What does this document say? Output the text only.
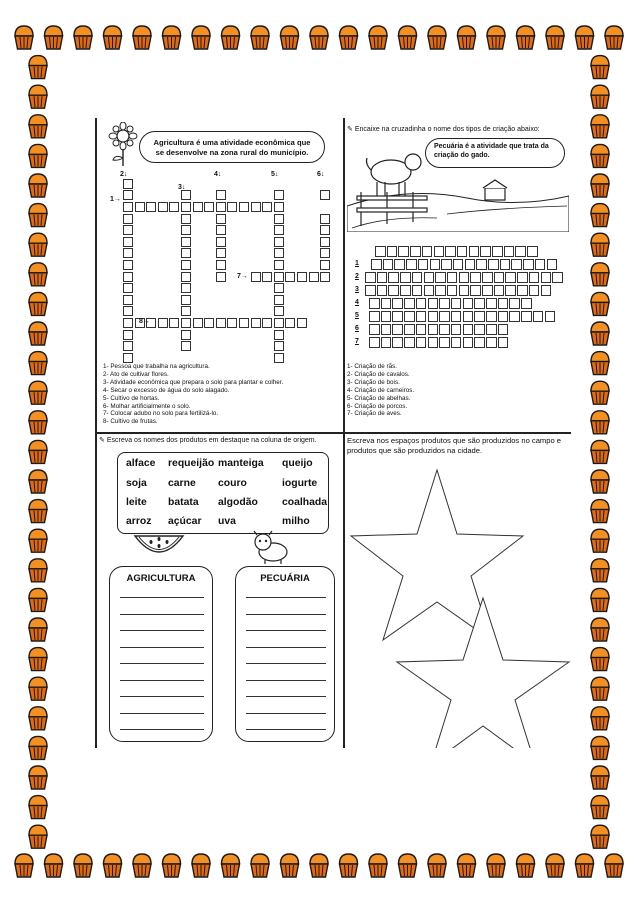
Agricultura é uma atividade econômica que se desenvolve na zona rural do município.
1→
2↓
3↓
4↓	5↓	6↓
7→
8→
1- Pessoa que trabalha na agricultura.
2- Ato de cultivar flores.
3- Atividade econômica que prepara o solo para plantar e colher.
4- Secar o excesso de água do solo alagado.
5- Cultivo de hortas.
6- Molhar artificialmente o solo.
7- Colocar adubo no solo para fertilizá-lo.
8- Cultivo de frutas.
✎ Encaixe na cruzadinha o nome dos tipos de criação abaixo:
Pecuária é a atividade que trata da criação do gado.
1
2
3
4
5
6
7
1- Criação de rãs.
2- Criação de cavalos.
3- Criação de bois.
4- Criação de carneiros.
5- Criação de abelhas.
6- Criação de porcos.
7- Criação de aves.
✎ Escreva os nomes dos produtos em destaque na coluna de origem.
alface requeijão manteiga queijo
soja carne couro	iogurte
leite batata algodão coalhada
arroz açúcar uva	milho
AGRICULTURA	PECUÁRIA
Escreva nos espaços produtos que são produzidos no campo e produtos que são produzidos na cidade.
